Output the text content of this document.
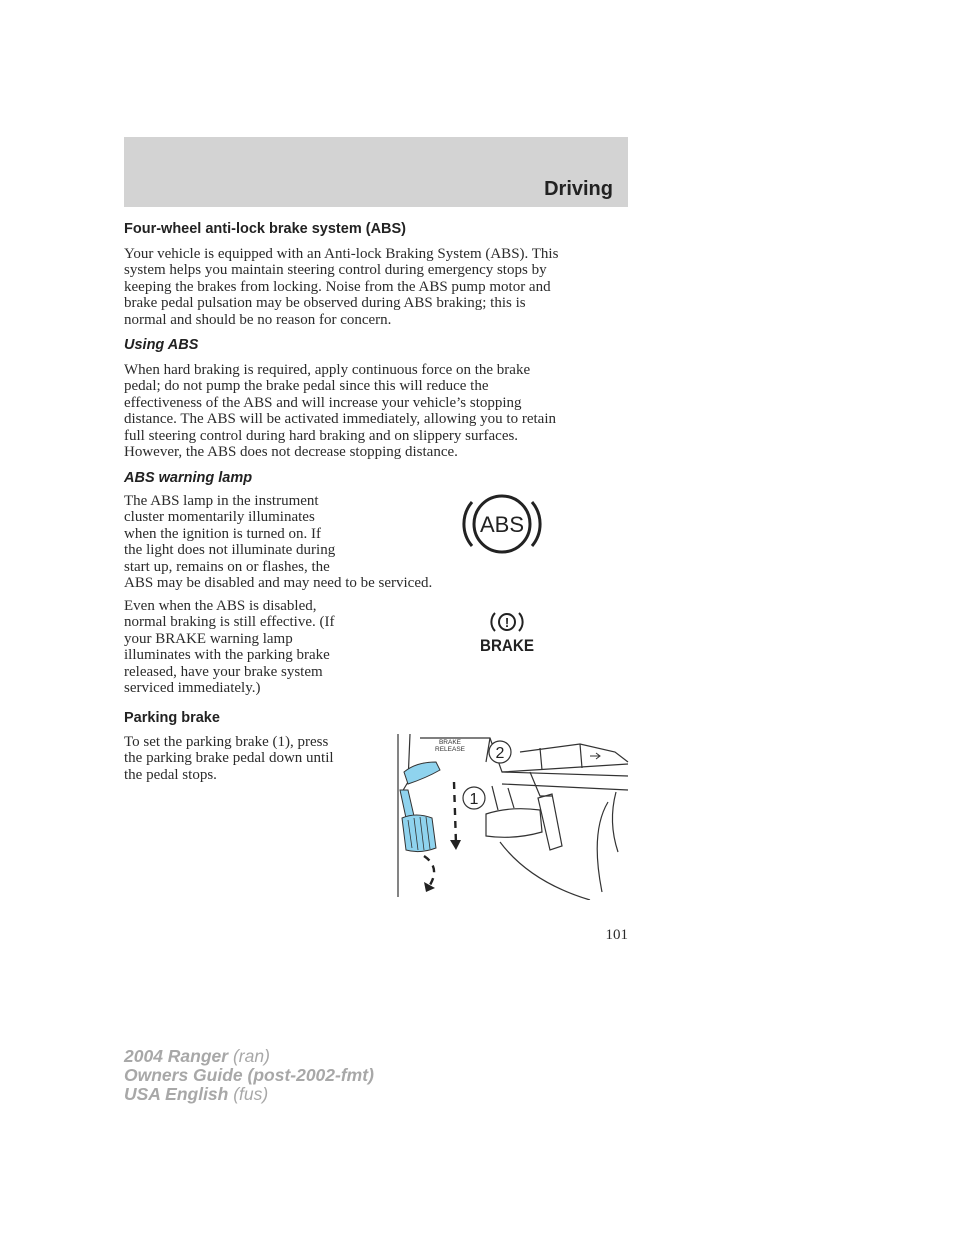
Driving
Four-wheel anti-lock brake system (ABS)
Your vehicle is equipped with an Anti-lock Braking System (ABS). This
system helps you maintain steering control during emergency stops by
keeping the brakes from locking. Noise from the ABS pump motor and
brake pedal pulsation may be observed during ABS braking; this is
normal and should be no reason for concern.
Using ABS
When hard braking is required, apply continuous force on the brake
pedal; do not pump the brake pedal since this will reduce the
effectiveness of the ABS and will increase your vehicle’s stopping
distance. The ABS will be activated immediately, allowing you to retain
full steering control during hard braking and on slippery surfaces.
However, the ABS does not decrease stopping distance.
ABS warning lamp
The ABS lamp in the instrument
cluster momentarily illuminates
when the ignition is turned on. If
the light does not illuminate during
start up, remains on or flashes, the
ABS may be disabled and may need to be serviced.
ABS
Even when the ABS is disabled,
normal braking is still effective. (If
your BRAKE warning lamp
illuminates with the parking brake
released, have your brake system
serviced immediately.)
!
BRAKE
Parking brake
To set the parking brake (1), press
the parking brake pedal down until
the pedal stops.
2
1
BRAKE
RELEASE
101
2004 Ranger (ran)
Owners Guide (post-2002-fmt)
USA English (fus)
